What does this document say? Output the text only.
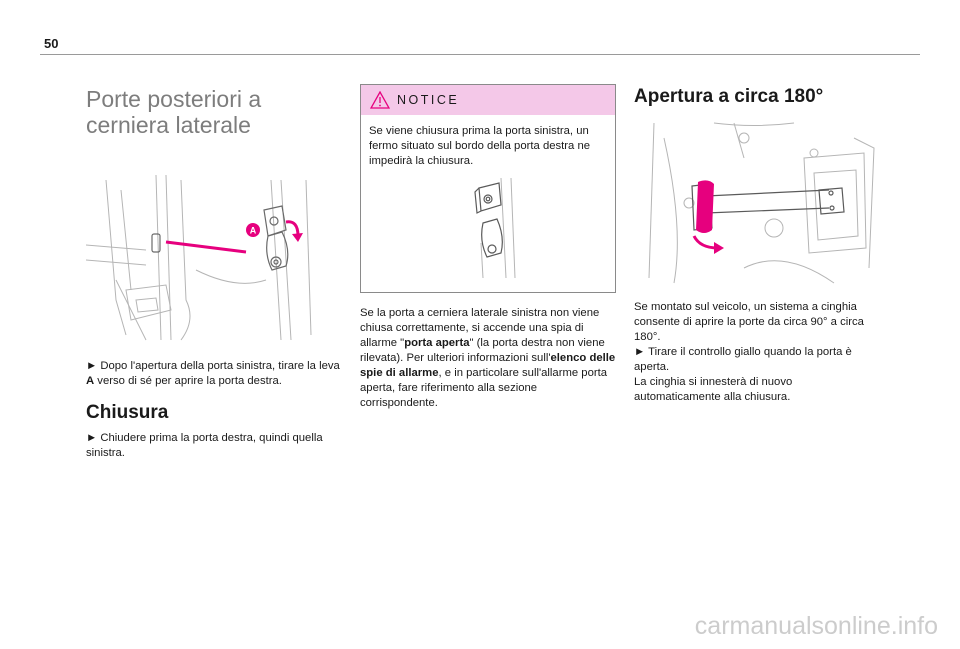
50
Porte posteriori a cerniera laterale
A

► Dopo l'apertura della porta sinistra, tirare la leva A verso di sé per aprire la porta destra.

Chiusura

► Chiudere prima la porta destra, quindi quella sinistra.

NOTICE

Se viene chiusura prima la porta sinistra, un fermo situato sul bordo della porta destra ne impedirà la chiusura.

Se la porta a cerniera laterale sinistra non viene chiusa correttamente, si accende una spia di allarme "porta aperta" (la porta destra non viene rilevata). Per ulteriori informazioni sull'elenco delle spie di allarme, e in particolare sull'allarme porta aperta, fare riferimento alla sezione corrispondente.

Apertura a circa 180°

Se montato sul veicolo, un sistema a cinghia consente di aprire la porte da circa 90° a circa 180°.

► Tirare il controllo giallo quando la porta è aperta.

La cinghia si innesterà di nuovo automaticamente alla chiusura.

carmanualsonline.info
